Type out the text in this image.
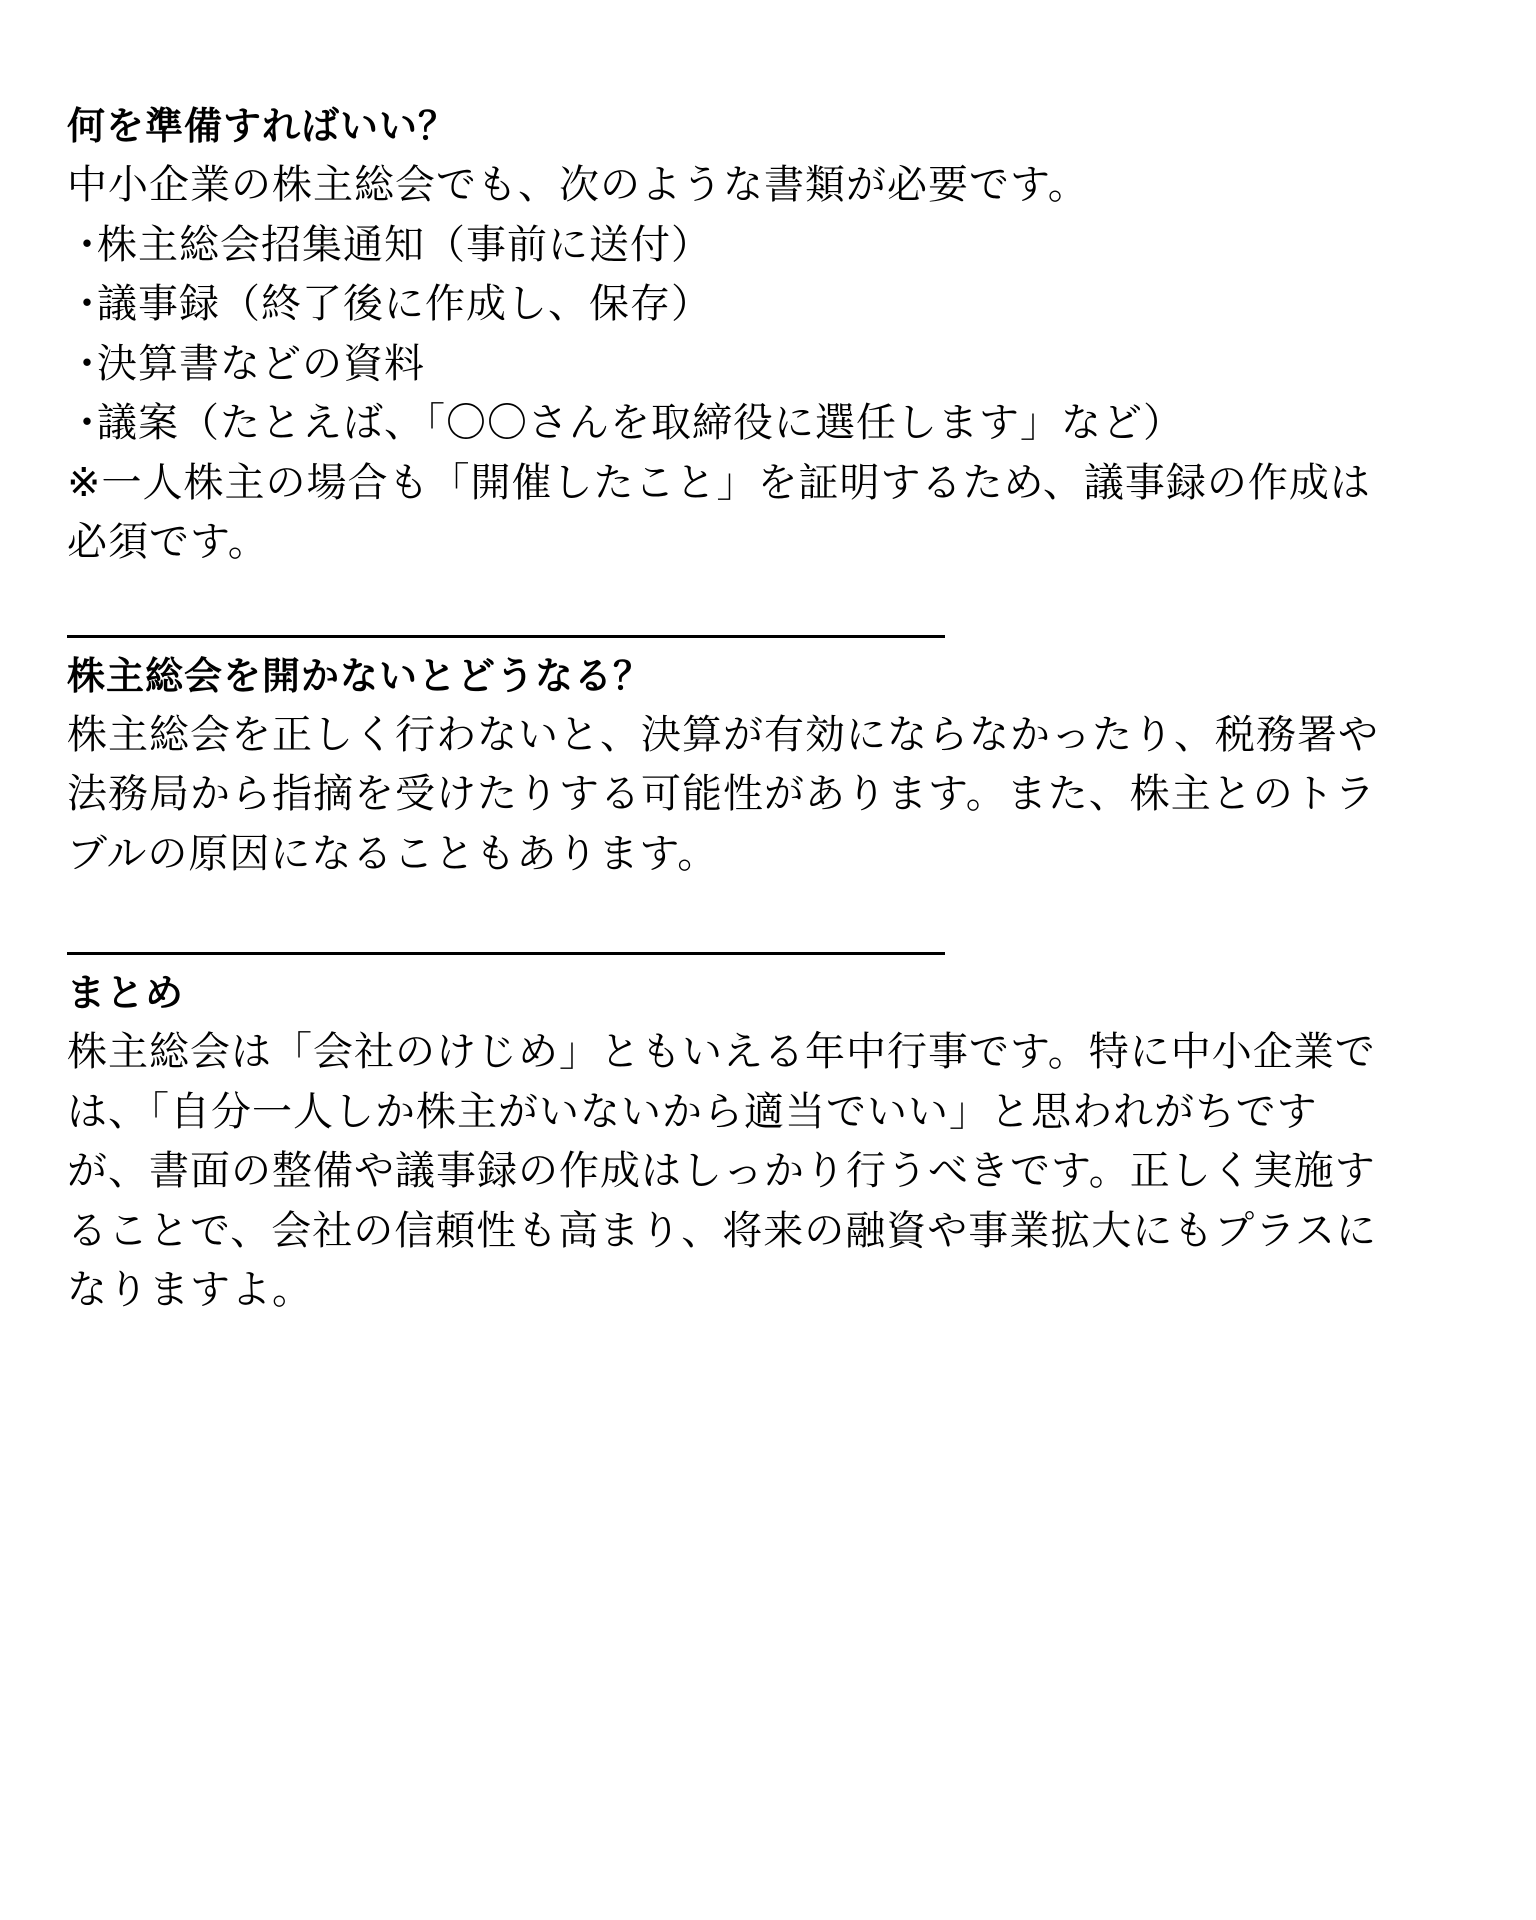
何を準備すればいい？

中小企業の株主総会でも、次のような書類が必要です。

・株主総会招集通知（事前に送付）
・議事録（終了後に作成し、保存）
・決算書などの資料
・議案（たとえば、「〇〇さんを取締役に選任します」など）

※一人株主の場合も「開催したこと」を証明するため、議事録の作成は

必須です。

株主総会を開かないとどうなる？

株主総会を正しく行わないと、決算が有効にならなかったり、税務署や

法務局から指摘を受けたりする可能性があります。また、株主とのトラ

ブルの原因になることもあります。

まとめ

株主総会は「会社のけじめ」ともいえる年中行事です。特に中小企業で

は、「自分一人しか株主がいないから適当でいい」と思われがちです

が、書面の整備や議事録の作成はしっかり行うべきです。正しく実施す

ることで、会社の信頼性も高まり、将来の融資や事業拡大にもプラスに

なりますよ。
